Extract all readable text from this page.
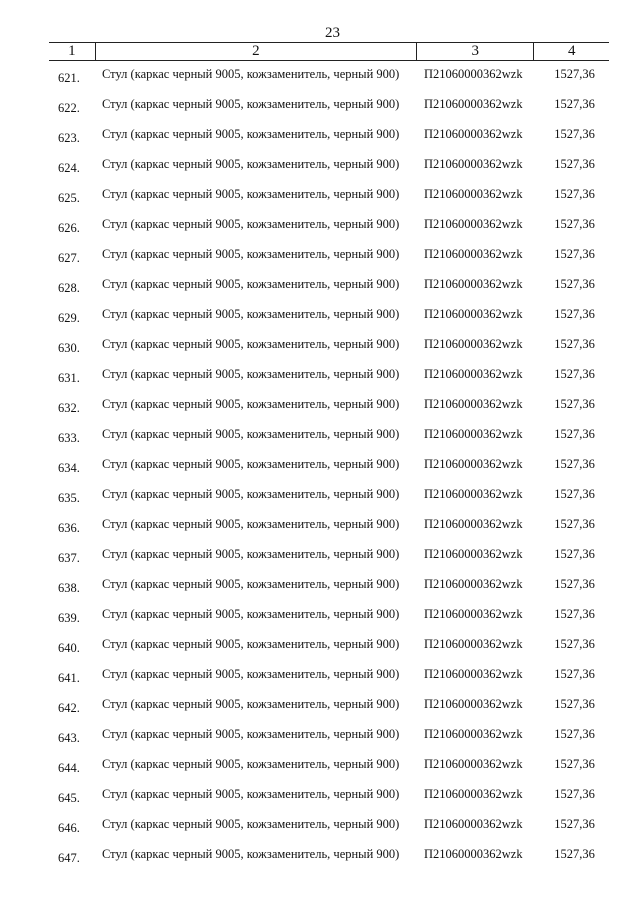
23
1	2	3	4
621.	Стул (каркас черный 9005, кожзаменитель, черный 900)	П21060000362wzk	1527,36
622.	Стул (каркас черный 9005, кожзаменитель, черный 900)	П21060000362wzk	1527,36
623.	Стул (каркас черный 9005, кожзаменитель, черный 900)	П21060000362wzk	1527,36
624.	Стул (каркас черный 9005, кожзаменитель, черный 900)	П21060000362wzk	1527,36
625.	Стул (каркас черный 9005, кожзаменитель, черный 900)	П21060000362wzk	1527,36
626.	Стул (каркас черный 9005, кожзаменитель, черный 900)	П21060000362wzk	1527,36
627.	Стул (каркас черный 9005, кожзаменитель, черный 900)	П21060000362wzk	1527,36
628.	Стул (каркас черный 9005, кожзаменитель, черный 900)	П21060000362wzk	1527,36
629.	Стул (каркас черный 9005, кожзаменитель, черный 900)	П21060000362wzk	1527,36
630.	Стул (каркас черный 9005, кожзаменитель, черный 900)	П21060000362wzk	1527,36
631.	Стул (каркас черный 9005, кожзаменитель, черный 900)	П21060000362wzk	1527,36
632.	Стул (каркас черный 9005, кожзаменитель, черный 900)	П21060000362wzk	1527,36
633.	Стул (каркас черный 9005, кожзаменитель, черный 900)	П21060000362wzk	1527,36
634.	Стул (каркас черный 9005, кожзаменитель, черный 900)	П21060000362wzk	1527,36
635.	Стул (каркас черный 9005, кожзаменитель, черный 900)	П21060000362wzk	1527,36
636.	Стул (каркас черный 9005, кожзаменитель, черный 900)	П21060000362wzk	1527,36
637.	Стул (каркас черный 9005, кожзаменитель, черный 900)	П21060000362wzk	1527,36
638.	Стул (каркас черный 9005, кожзаменитель, черный 900)	П21060000362wzk	1527,36
639.	Стул (каркас черный 9005, кожзаменитель, черный 900)	П21060000362wzk	1527,36
640.	Стул (каркас черный 9005, кожзаменитель, черный 900)	П21060000362wzk	1527,36
641.	Стул (каркас черный 9005, кожзаменитель, черный 900)	П21060000362wzk	1527,36
642.	Стул (каркас черный 9005, кожзаменитель, черный 900)	П21060000362wzk	1527,36
643.	Стул (каркас черный 9005, кожзаменитель, черный 900)	П21060000362wzk	1527,36
644.	Стул (каркас черный 9005, кожзаменитель, черный 900)	П21060000362wzk	1527,36
645.	Стул (каркас черный 9005, кожзаменитель, черный 900)	П21060000362wzk	1527,36
646.	Стул (каркас черный 9005, кожзаменитель, черный 900)	П21060000362wzk	1527,36
647.	Стул (каркас черный 9005, кожзаменитель, черный 900)	П21060000362wzk	1527,36
